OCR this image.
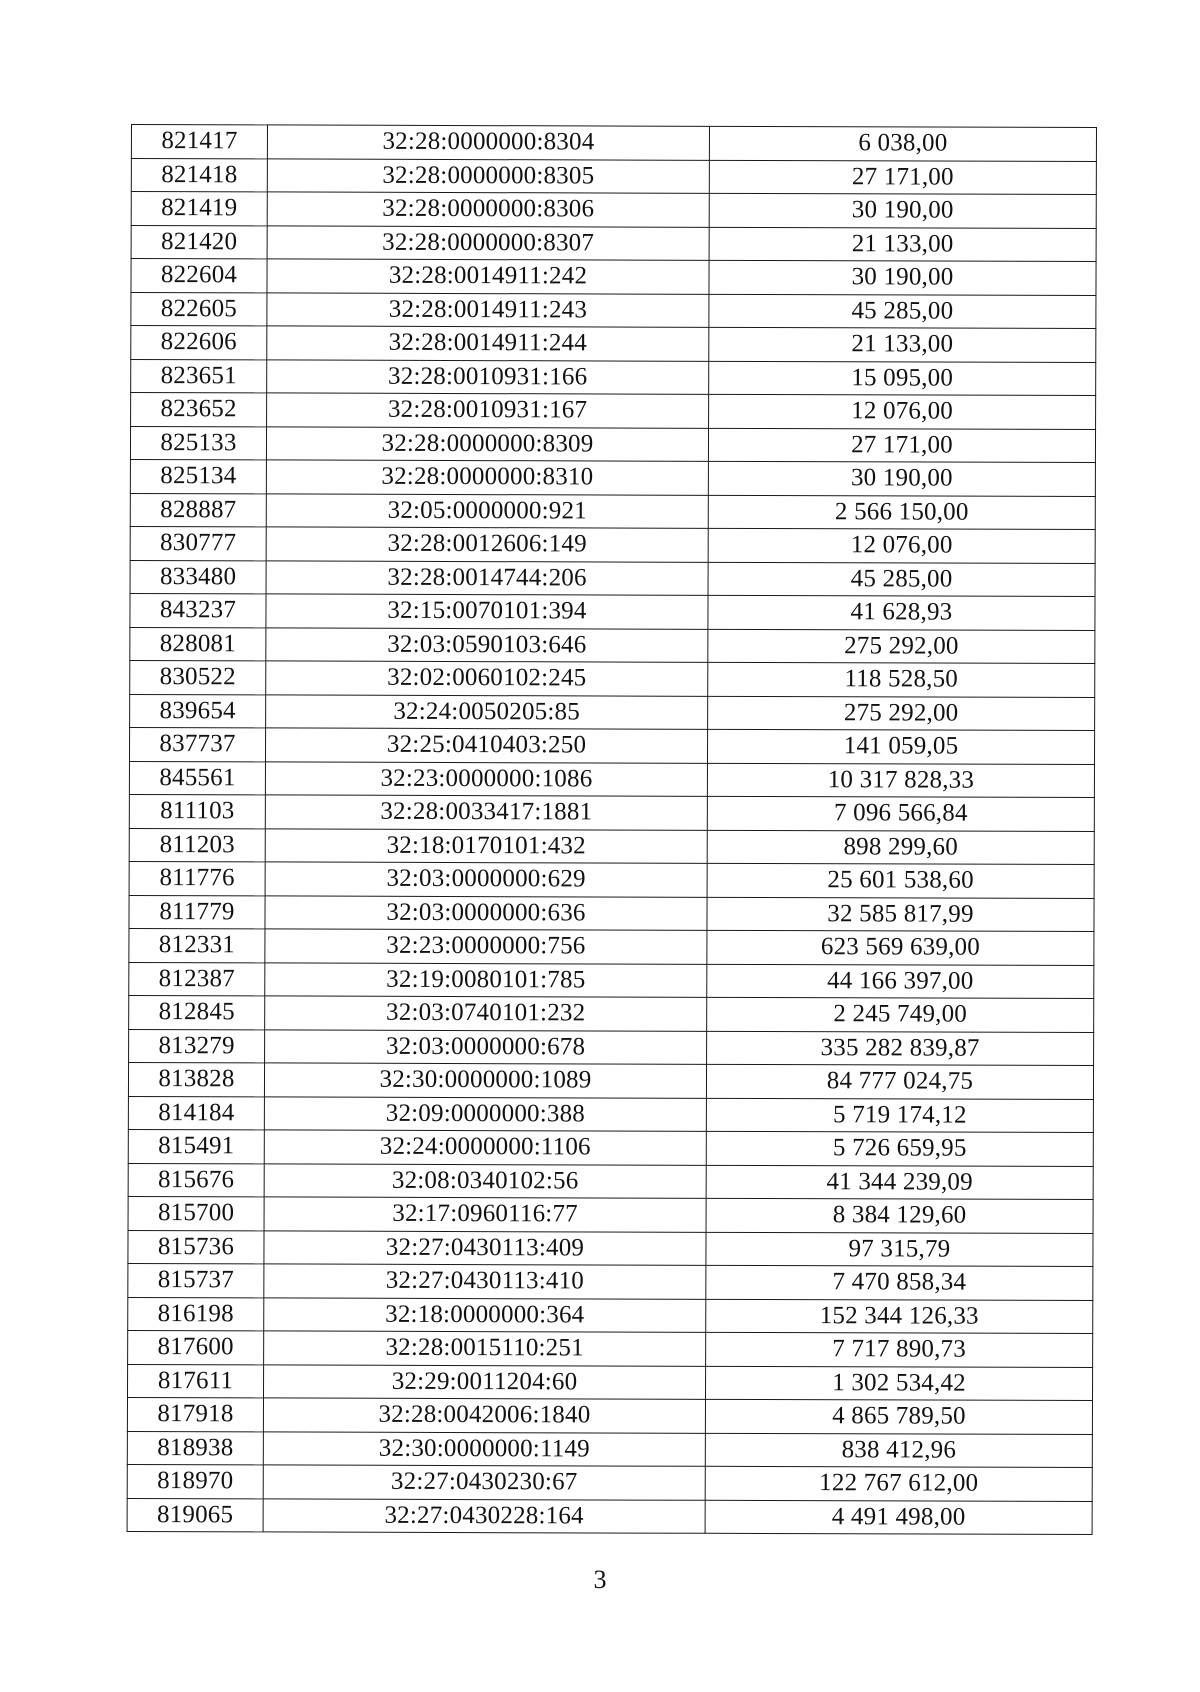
821417	32:28:0000000:8304	6 038,00
821418	32:28:0000000:8305	27 171,00
821419	32:28:0000000:8306	30 190,00
821420	32:28:0000000:8307	21 133,00
822604	32:28:0014911:242	30 190,00
822605	32:28:0014911:243	45 285,00
822606	32:28:0014911:244	21 133,00
823651	32:28:0010931:166	15 095,00
823652	32:28:0010931:167	12 076,00
825133	32:28:0000000:8309	27 171,00
825134	32:28:0000000:8310	30 190,00
828887	32:05:0000000:921	2 566 150,00
830777	32:28:0012606:149	12 076,00
833480	32:28:0014744:206	45 285,00
843237	32:15:0070101:394	41 628,93
828081	32:03:0590103:646	275 292,00
830522	32:02:0060102:245	118 528,50
839654	32:24:0050205:85	275 292,00
837737	32:25:0410403:250	141 059,05
845561	32:23:0000000:1086	10 317 828,33
811103	32:28:0033417:1881	7 096 566,84
811203	32:18:0170101:432	898 299,60
811776	32:03:0000000:629	25 601 538,60
811779	32:03:0000000:636	32 585 817,99
812331	32:23:0000000:756	623 569 639,00
812387	32:19:0080101:785	44 166 397,00
812845	32:03:0740101:232	2 245 749,00
813279	32:03:0000000:678	335 282 839,87
813828	32:30:0000000:1089	84 777 024,75
814184	32:09:0000000:388	5 719 174,12
815491	32:24:0000000:1106	5 726 659,95
815676	32:08:0340102:56	41 344 239,09
815700	32:17:0960116:77	8 384 129,60
815736	32:27:0430113:409	97 315,79
815737	32:27:0430113:410	7 470 858,34
816198	32:18:0000000:364	152 344 126,33
817600	32:28:0015110:251	7 717 890,73
817611	32:29:0011204:60	1 302 534,42
817918	32:28:0042006:1840	4 865 789,50
818938	32:30:0000000:1149	838 412,96
818970	32:27:0430230:67	122 767 612,00
819065	32:27:0430228:164	4 491 498,00
3
